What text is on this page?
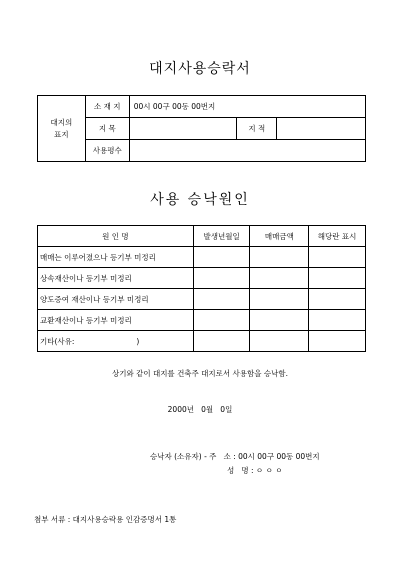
대지사용승락서
대지의
표지	소 재 지	00시 00구 00동 00번지		
	지 목		지 적	
	사용평수			
사용 승낙원인
원 인 명	발생년월일	매매금액	해당란 표시
매매는 이루어졌으나 등기부 미정리			
상속재산이나 등기부 미정리			
양도증여 재산이나 등기부 미정리			
교환재산이나 등기부 미정리			
기타(사유:                          )			
상기와 같이 대지를 건축주 대지로서 사용함을 승낙함.
2000년   0월   0일
승낙자 (소유자) - 주   소 : 00시 00구 00동 00번지
성   명 : ㅇ ㅇ ㅇ
첨부 서류 : 대지사용승락용 인감증명서 1통
